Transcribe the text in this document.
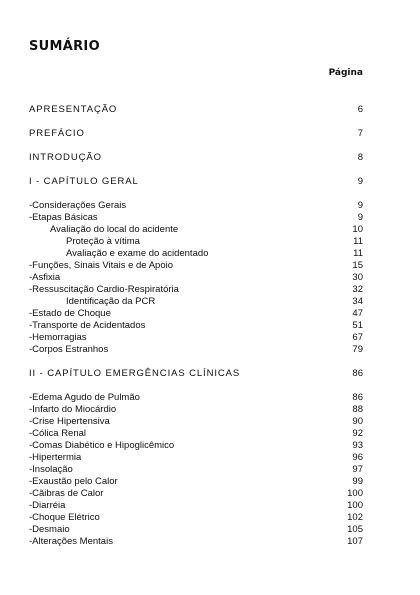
SUMÁRIO
Página
APRESENTAÇÃO	6
PREFÁCIO	7
INTRODUÇÃO	8
I - CAPÍTULO GERAL	9
-Considerações Gerais	9
-Etapas Básicas	9
Avaliação do local do acidente	10
Proteção à vítima	11
Avaliação e exame do acidentado	11
-Funções, Sinais Vitais e de Apoio	15
-Asfixia	30
-Ressuscitação Cardio-Respiratória	32
Identificação da PCR	34
-Estado de Choque	47
-Transporte de Acidentados	51
-Hemorragias	67
-Corpos Estranhos	79
II - CAPÍTULO EMERGÊNCIAS CLÍNICAS	86
-Edema Agudo de Pulmão	86
-Infarto do Miocárdio	88
-Crise Hipertensiva	90
-Cólica Renal	92
-Comas Diabético e Hipoglicêmico	93
-Hipertermia	96
-Insolação	97
-Exaustão pelo Calor	99
-Cãibras de Calor	100
-Diarréia	100
-Choque Elétrico	102
-Desmaio	105
-Alterações Mentais	107
